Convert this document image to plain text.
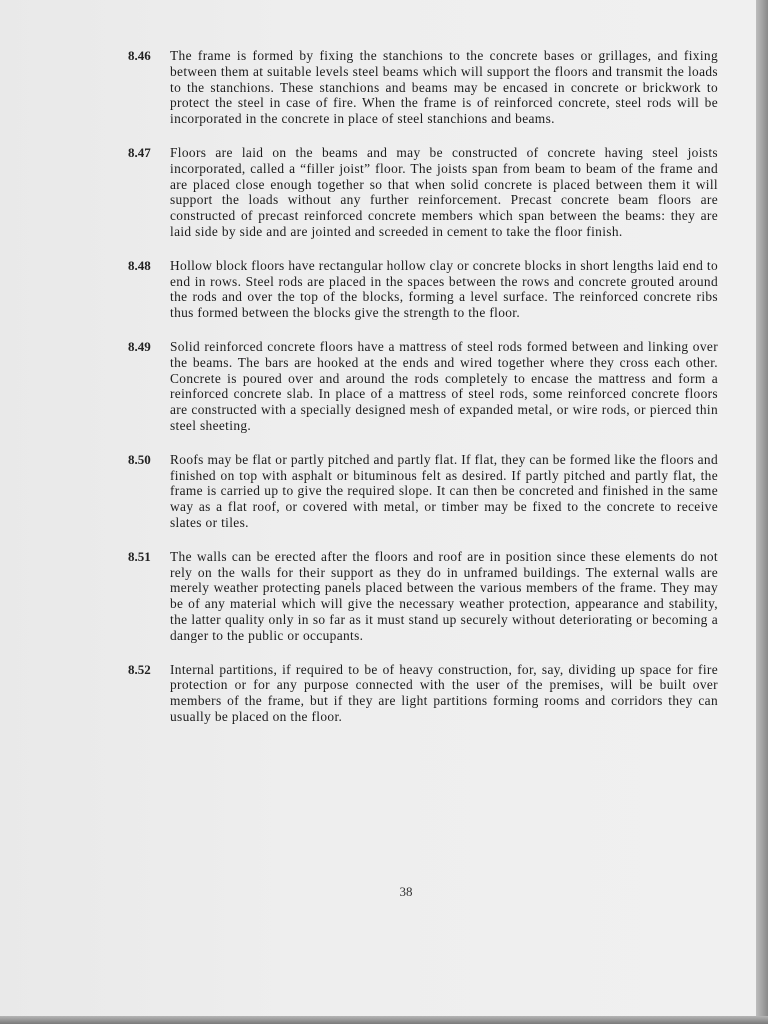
8.46	The frame is formed by fixing the stanchions to the concrete bases or grillages, and fixing between them at suitable levels steel beams which will support the floors and transmit the loads to the stanchions. These stanchions and beams may be encased in concrete or brickwork to protect the steel in case of fire. When the frame is of reinforced concrete, steel rods will be incorporated in the concrete in place of steel stanchions and beams.
8.47	Floors are laid on the beams and may be constructed of concrete having steel joists incorporated, called a “filler joist” floor. The joists span from beam to beam of the frame and are placed close enough together so that when solid concrete is placed between them it will support the loads without any further reinforcement. Precast concrete beam floors are constructed of precast reinforced concrete members which span between the beams: they are laid side by side and are jointed and screeded in cement to take the floor finish.
8.48	Hollow block floors have rectangular hollow clay or concrete blocks in short lengths laid end to end in rows. Steel rods are placed in the spaces between the rows and concrete grouted around the rods and over the top of the blocks, forming a level surface. The reinforced concrete ribs thus formed between the blocks give the strength to the floor.
8.49	Solid reinforced concrete floors have a mattress of steel rods formed between and linking over the beams. The bars are hooked at the ends and wired together where they cross each other. Concrete is poured over and around the rods completely to encase the mattress and form a reinforced concrete slab. In place of a mattress of steel rods, some reinforced concrete floors are constructed with a specially designed mesh of expanded metal, or wire rods, or pierced thin steel sheeting.
8.50	Roofs may be flat or partly pitched and partly flat. If flat, they can be formed like the floors and finished on top with asphalt or bituminous felt as desired. If partly pitched and partly flat, the frame is carried up to give the required slope. It can then be concreted and finished in the same way as a flat roof, or covered with metal, or timber may be fixed to the concrete to receive slates or tiles.
8.51	The walls can be erected after the floors and roof are in position since these elements do not rely on the walls for their support as they do in unframed buildings. The external walls are merely weather protecting panels placed between the various members of the frame. They may be of any material which will give the necessary weather protection, appearance and stability, the latter quality only in so far as it must stand up securely without deteriorating or becoming a danger to the public or occupants.
8.52	Internal partitions, if required to be of heavy construction, for, say, dividing up space for fire protection or for any purpose connected with the user of the premises, will be built over members of the frame, but if they are light partitions forming rooms and corridors they can usually be placed on the floor.
38
